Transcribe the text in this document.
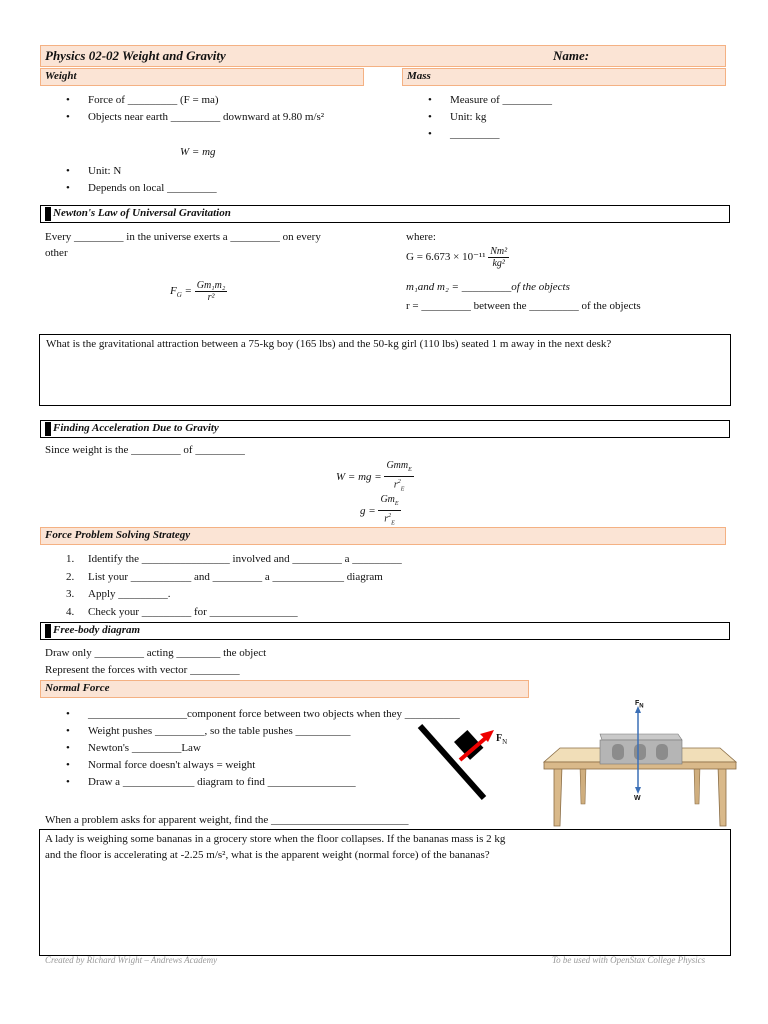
Physics 02-02 Weight and Gravity	Name:
Weight	Mass
• Force of _________ (F = ma)
• Objects near earth _________ downward at 9.80 m/s²
W = mg
• Unit: N
• Depends on local _________
• Measure of _________
• Unit: kg
• _________
Newton's Law of Universal Gravitation
Every _________ in the universe exerts a _________ on every other
$F_G = \frac{\text{Gm₁m₂}}{\text{r²}}$
where:
$G = 6.673 \times 10^{-11} \frac{\text{Nm²}}{\text{kg²}}$
m₁and m₂ = _________of the objects
r = _________ between the _________ of the objects
What is the gravitational attraction between a 75-kg boy (165 lbs) and the 50-kg girl (110 lbs) seated 1 m away in the next desk?
Finding Acceleration Due to Gravity
Since weight is the _________ of _________
W = mg = $\frac{Gmm_E}{r^2_E}$
$g = \frac{Gm_E}{r^2_E}$
Force Problem Solving Strategy
1. Identify the ________________ involved and _________ a _________
2. List your ___________ and _________ a _____________ diagram
3. Apply _________.
4. Check your _________ for ________________
Free-body diagram
Draw only _________ acting ________ the object
Represent the forces with vector _________
Normal Force
• __________________component force between two objects when they __________
• Weight pushes _________, so the table pushes __________
• Newton's _________Law
• Normal force doesn't always = weight
• Draw a _____________ diagram to find ________________
$F_N$
$F_N$
W
When a problem asks for apparent weight, find the _________________________
A lady is weighing some bananas in a grocery store when the floor collapses. If the bananas mass is 2 kg and the floor is accelerating at -2.25 m/s², what is the apparent weight (normal force) of the bananas?
Created by Richard Wright – Andrews Academy	To be used with OpenStax College Physics
